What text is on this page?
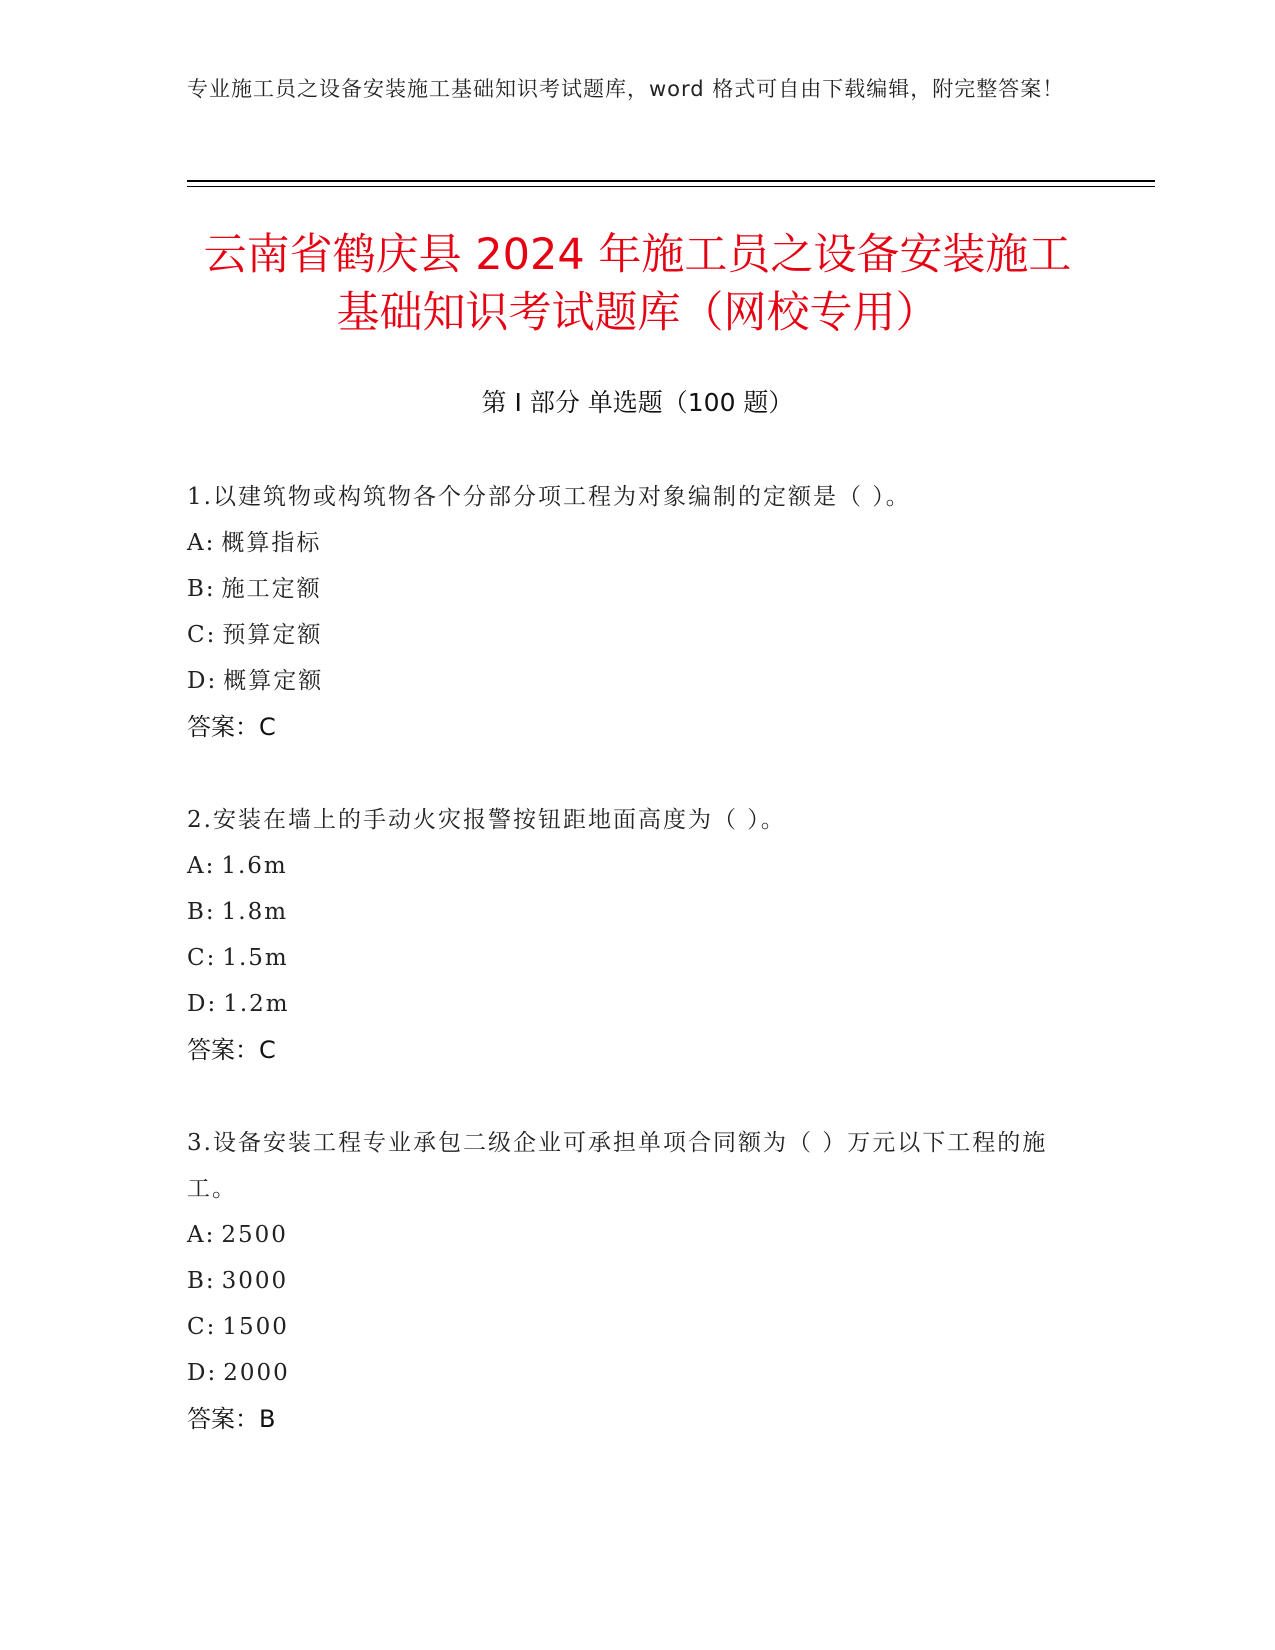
专业施工员之设备安装施工基础知识考试题库，word 格式可自由下载编辑，附完整答案！
云南省鹤庆县 2024 年施工员之设备安装施工
基础知识考试题库（网校专用）
第 I 部分 单选题（100 题）
1.以建筑物或构筑物各个分部分项工程为对象编制的定额是（ ）。
A: 概算指标
B: 施工定额
C: 预算定额
D: 概算定额
答案：C
2.安装在墙上的手动火灾报警按钮距地面高度为（ ）。
A: 1.6m
B: 1.8m
C: 1.5m
D: 1.2m
答案：C
3.设备安装工程专业承包二级企业可承担单项合同额为（ ）万元以下工程的施工。
A: 2500
B: 3000
C: 1500
D: 2000
答案：B
